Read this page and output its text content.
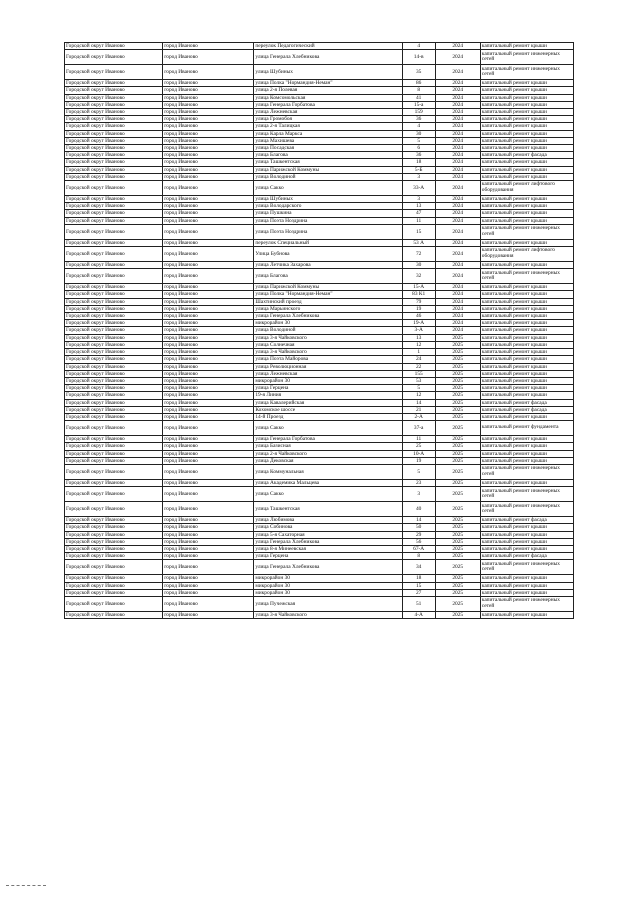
Городской округ Иваново	город Иваново	переулок Педагогический	4	2024	капитальный ремонт крыши
Городской округ Иваново	город Иваново	улица Генерала Хлебникова	14-в	2024	капитальный ремонт инженерных сетей
Городской округ Иваново	город Иваново	улица Шубиных	35	2024	капитальный ремонт инженерных сетей
Городской округ Иваново	город Иваново	улица Полка "Нормандия-Неман"	86	2024	капитальный ремонт крыши
Городской округ Иваново	город Иваново	улица 2-я Полевая	8	2024	капитальный ремонт крыши
Городской округ Иваново	город Иваново	улица Комсомольская	41	2024	капитальный ремонт крыши
Городской округ Иваново	город Иваново	улица Генерала Горбатова	15-а	2024	капитальный ремонт крыши
Городской округ Иваново	город Иваново	улица Лежневская	159	2024	капитальный ремонт крыши
Городской округ Иваново	город Иваново	улица Громобоя	36	2024	капитальный ремонт крыши
Городской округ Иваново	город Иваново	улица 2-я Талицкая	4	2024	капитальный ремонт крыши
Городской округ Иваново	город Иваново	улица Карла Маркса	30	2024	капитальный ремонт крыши
Городской округ Иваново	город Иваново	улица Махишева	5	2024	капитальный ремонт крыши
Городской округ Иваново	город Иваново	улица Посадская	6	2024	капитальный ремонт крыши
Городской округ Иваново	город Иваново	улица Благова	36	2024	капитальный ремонт фасада
Городской округ Иваново	город Иваново	улица Ташкентская	18	2024	капитальный ремонт крыши
Городской округ Иваново	город Иваново	улица Парижской Коммуны	5-Б	2024	капитальный ремонт крыши
Городской округ Иваново	город Иваново	улица Володиной	3	2024	капитальный ремонт крыши
Городской округ Иваново	город Иваново	улица Сакко	33-А	2024	капитальный ремонт лифтового оборудования
Городской округ Иваново	город Иваново	улица Шубиных	3	2024	капитальный ремонт крыши
Городской округ Иваново	город Иваново	улица Володарского	13	2024	капитальный ремонт крыши
Городской округ Иваново	город Иваново	улица Пушкина	47	2024	капитальный ремонт крыши
Городской округ Иваново	город Иваново	улица Поэта Ноздрина	11	2024	капитальный ремонт крыши
Городской округ Иваново	город Иваново	улица Поэта Ноздрина	15	2024	капитальный ремонт инженерных сетей
Городской округ Иваново	город Иваново	переулок Специальный	53 А	2024	капитальный ремонт крыши
Городской округ Иваново	город Иваново	Улица Бубнова	72	2024	капитальный ремонт лифтового оборудования
Городской округ Иваново	город Иваново	улица Летчика Захарова	30	2024	капитальный ремонт крыши
Городской округ Иваново	город Иваново	улица Благова	32	2024	капитальный ремонт инженерных сетей
Городской округ Иваново	город Иваново	улица Парижской Коммуны	15-А	2024	капитальный ремонт крыши
Городской округ Иваново	город Иваново	улица Полка "Нормандия-Неман"	83 К1	2024	капитальный ремонт крыши
Городской округ Иваново	город Иваново	Шахтинский проезд	79	2024	капитальный ремонт крыши
Городской округ Иваново	город Иваново	улица Марьинского	19	2024	капитальный ремонт крыши
Городской округ Иваново	город Иваново	улица Генерала Хлебникова	46	2024	капитальный ремонт крыши
Городской округ Иваново	город Иваново	микрорайон 30	19-А	2024	капитальный ремонт крыши
Городской округ Иваново	город Иваново	улица Володиной	3-А	2024	капитальный ремонт крыши
Городской округ Иваново	город Иваново	улица 3-я Чайковского	13	2025	капитальный ремонт крыши
Городской округ Иваново	город Иваново	улица Солнечная	12	2025	капитальный ремонт крыши
Городской округ Иваново	город Иваново	улица 3-я Чайковского	1	2025	капитальный ремонт крыши
Городской округ Иваново	город Иваново	улица Поэта Майорова	24	2025	капитальный ремонт крыши
Городской округ Иваново	город Иваново	улица Революционная	22	2025	капитальный ремонт крыши
Городской округ Иваново	город Иваново	улица Лежневская	155	2025	капитальный ремонт крыши
Городской округ Иваново	город Иваново	микрорайон 30	53	2025	капитальный ремонт крыши
Городской округ Иваново	город Иваново	улица Герцена	5	2025	капитальный ремонт крыши
Городской округ Иваново	город Иваново	19-я Линия	12	2025	капитальный ремонт крыши
Городской округ Иваново	город Иваново	улица Кавалерийская	14	2025	капитальный ремонт фасада
Городской округ Иваново	город Иваново	Кохомское шоссе	21	2025	капитальный ремонт фасада
Городской округ Иваново	город Иваново	14-й Проезд	2-А	2025	капитальный ремонт крыши
Городской округ Иваново	город Иваново	улица Сакко	37-а	2025	капитальный ремонт фундамента
Городской округ Иваново	город Иваново	улица Генерала Горбатова	11	2025	капитальный ремонт крыши
Городской округ Иваново	город Иваново	улица Базисная	25	2025	капитальный ремонт крыши
Городской округ Иваново	город Иваново	улица 2-я Чайковского	10-А	2025	капитальный ремонт крыши
Городской округ Иваново	город Иваново	улица Дековская	19	2025	капитальный ремонт крыши
Городской округ Иваново	город Иваново	улица Коммунальная	5	2025	капитальный ремонт инженерных сетей
Городской округ Иваново	город Иваново	улица Академика Мальцева	23	2025	капитальный ремонт крыши
Городской округ Иваново	город Иваново	улица Сакко	3	2025	капитальный ремонт инженерных сетей
Городской округ Иваново	город Иваново	улица Ташкентская	40	2025	капитальный ремонт инженерных сетей
Городской округ Иваново	город Иваново	улица Любимова	14	2025	капитальный ремонт фасада
Городской округ Иваново	город Иваново	улица Собинова	50	2025	капитальный ремонт крыши
Городской округ Иваново	город Иваново	улица 5-я Сахаторная	29	2025	капитальный ремонт крыши
Городской округ Иваново	город Иваново	улица Генерала Хлебникова	56	2025	капитальный ремонт крыши
Городской округ Иваново	город Иваново	улица 8-я Минеевская	67-А	2025	капитальный ремонт крыши
Городской округ Иваново	город Иваново	улица Герцена	8	2025	капитальный ремонт фасада
Городской округ Иваново	город Иваново	улица Генерала Хлебникова	34	2025	капитальный ремонт инженерных сетей
Городской округ Иваново	город Иваново	микрорайон 30	18	2025	капитальный ремонт крыши
Городской округ Иваново	город Иваново	микрорайон 30	15	2025	капитальный ремонт крыши
Городской округ Иваново	город Иваново	микрорайон 30	27	2025	капитальный ремонт крыши
Городской округ Иваново	город Иваново	улица Пучежская	51	2025	капитальный ремонт инженерных сетей
Городской округ Иваново	город Иваново	улица 3-я Чайковского	4-А	2025	капитальный ремонт крыши
